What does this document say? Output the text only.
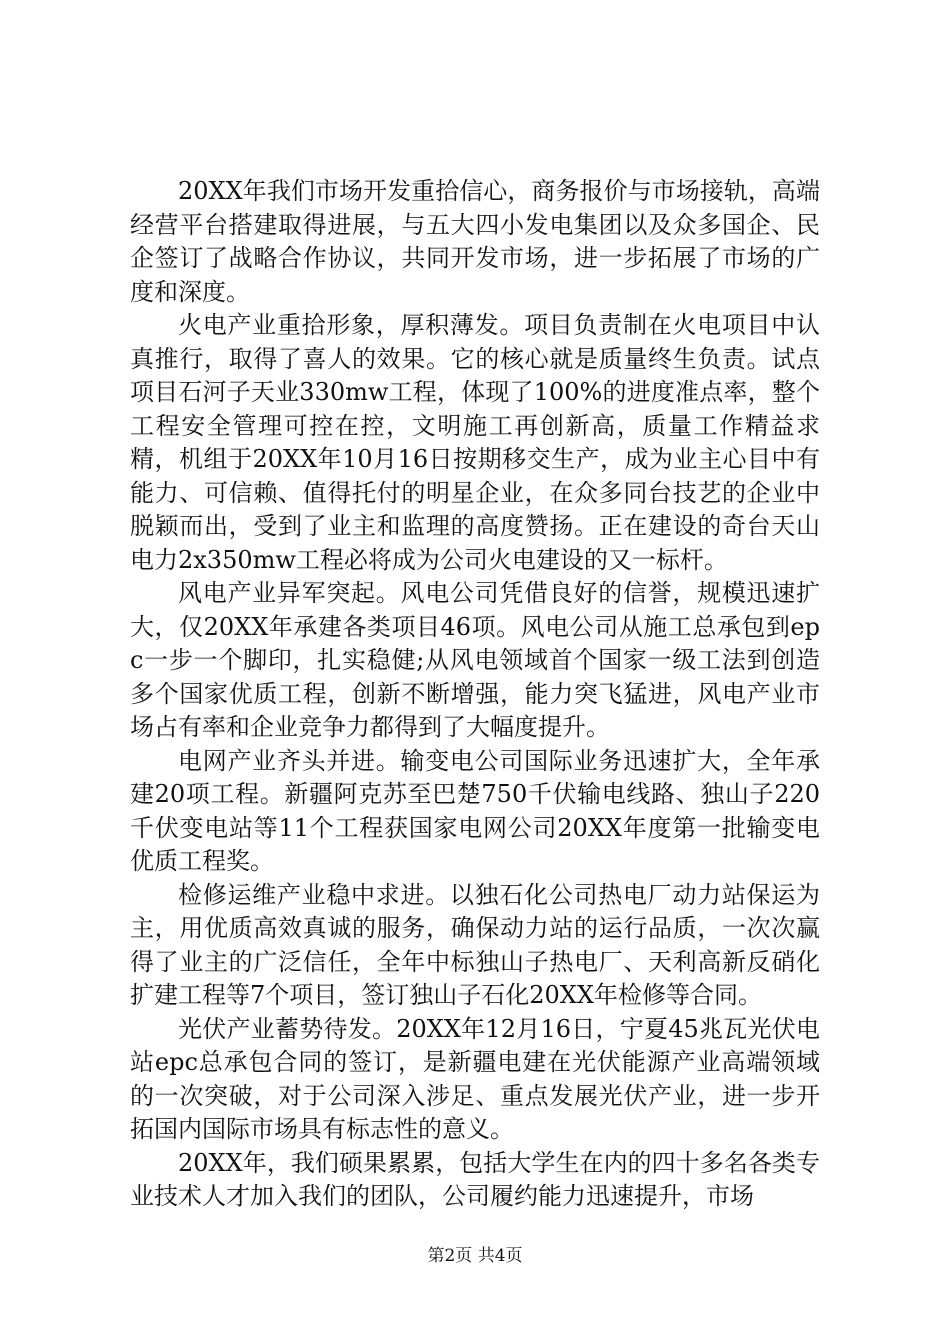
20XX年我们市场开发重拾信心，商务报价与市场接轨，高端经营平台搭建取得进展，与五大四小发电集团以及众多国企、民企签订了战略合作协议，共同开发市场，进一步拓展了市场的广度和深度。

火电产业重拾形象，厚积薄发。项目负责制在火电项目中认真推行，取得了喜人的效果。它的核心就是质量终生负责。试点项目石河子天业330mw工程，体现了100%的进度准点率，整个工程安全管理可控在控，文明施工再创新高，质量工作精益求精，机组于20XX年10月16日按期移交生产，成为业主心目中有能力、可信赖、值得托付的明星企业，在众多同台技艺的企业中脱颖而出，受到了业主和监理的高度赞扬。正在建设的奇台天山电力2x350mw工程必将成为公司火电建设的又一标杆。

风电产业异军突起。风电公司凭借良好的信誉，规模迅速扩大，仅20XX年承建各类项目46项。风电公司从施工总承包到epc一步一个脚印，扎实稳健;从风电领域首个国家一级工法到创造多个国家优质工程，创新不断增强，能力突飞猛进，风电产业市场占有率和企业竞争力都得到了大幅度提升。

电网产业齐头并进。输变电公司国际业务迅速扩大，全年承建20项工程。新疆阿克苏至巴楚750千伏输电线路、独山子220千伏变电站等11个工程获国家电网公司20XX年度第一批输变电优质工程奖。

检修运维产业稳中求进。以独石化公司热电厂动力站保运为主，用优质高效真诚的服务，确保动力站的运行品质，一次次赢得了业主的广泛信任，全年中标独山子热电厂、天利高新反硝化扩建工程等7个项目，签订独山子石化20XX年检修等合同。

光伏产业蓄势待发。20XX年12月16日，宁夏45兆瓦光伏电站epc总承包合同的签订，是新疆电建在光伏能源产业高端领域的一次突破，对于公司深入涉足、重点发展光伏产业，进一步开拓国内国际市场具有标志性的意义。

20XX年，我们硕果累累，包括大学生在内的四十多名各类专业技术人才加入我们的团队，公司履约能力迅速提升，市场

第2页 共4页
